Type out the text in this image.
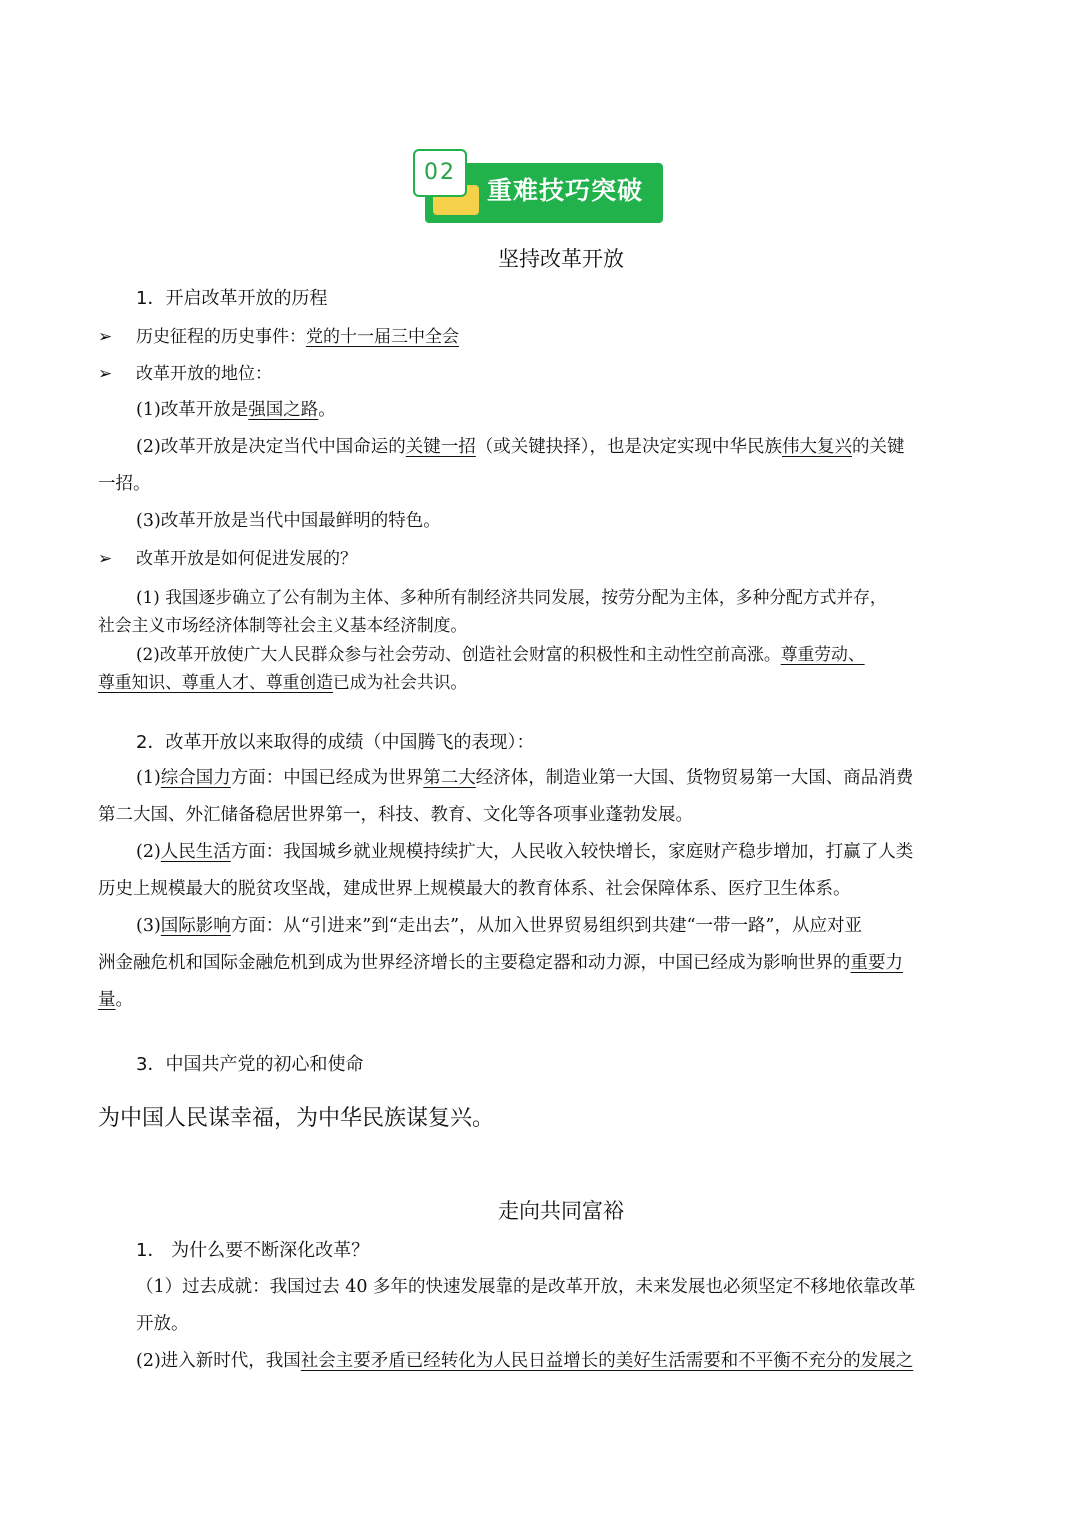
02
重难技巧突破
坚持改革开放
1．开启改革开放的历程
➢ 历史征程的历史事件：党的十一届三中全会
➢ 改革开放的地位：
(1)改革开放是强国之路。
(2)改革开放是决定当代中国命运的关键一招（或关键抉择），也是决定实现中华民族伟大复兴的关键
一招。
(3)改革开放是当代中国最鲜明的特色。
➢ 改革开放是如何促进发展的？
(1) 我国逐步确立了公有制为主体、多种所有制经济共同发展，按劳分配为主体，多种分配方式并存，
社会主义市场经济体制等社会主义基本经济制度。
(2)改革开放使广大人民群众参与社会劳动、创造社会财富的积极性和主动性空前高涨。尊重劳动、
尊重知识、尊重人才、尊重创造已成为社会共识。
2．改革开放以来取得的成绩（中国腾飞的表现）：
(1)综合国力方面：中国已经成为世界第二大经济体，制造业第一大国、货物贸易第一大国、商品消费
第二大国、外汇储备稳居世界第一，科技、教育、文化等各项事业蓬勃发展。
(2)人民生活方面：我国城乡就业规模持续扩大，人民收入较快增长，家庭财产稳步增加，打赢了人类
历史上规模最大的脱贫攻坚战，建成世界上规模最大的教育体系、社会保障体系、医疗卫生体系。
(3)国际影响方面：从“引进来”到“走出去”，从加入世界贸易组织到共建“一带一路”，从应对亚
洲金融危机和国际金融危机到成为世界经济增长的主要稳定器和动力源，中国已经成为影响世界的重要力
量。
3．中国共产党的初心和使命
为中国人民谋幸福，为中华民族谋复兴。
走向共同富裕
1． 为什么要不断深化改革？
（1）过去成就：我国过去 40 多年的快速发展靠的是改革开放，未来发展也必须坚定不移地依靠改革
开放。
(2)进入新时代，我国社会主要矛盾已经转化为人民日益增长的美好生活需要和不平衡不充分的发展之
